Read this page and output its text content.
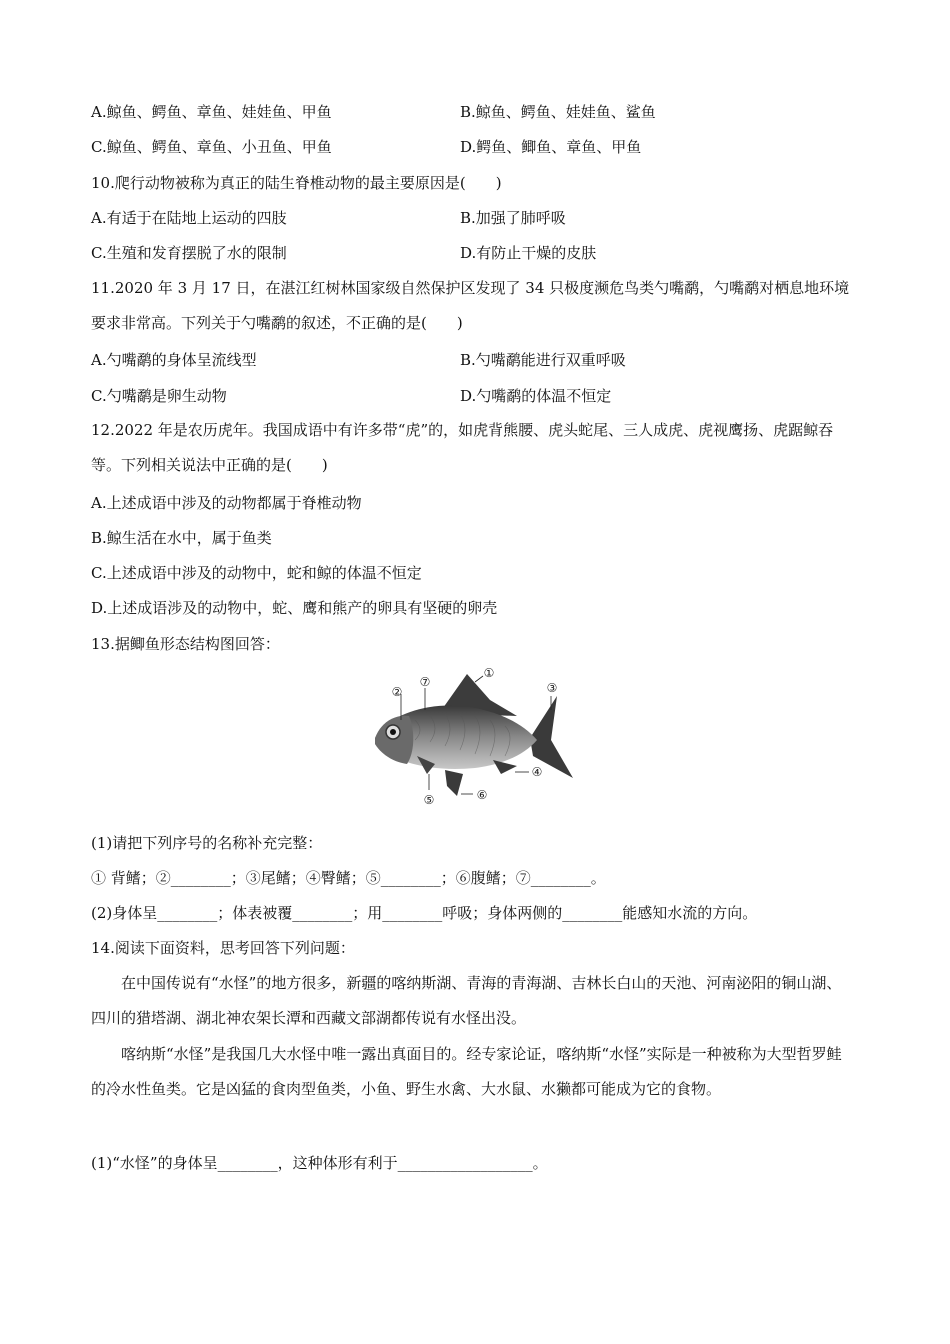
A.鲸鱼、鳄鱼、章鱼、娃娃鱼、甲鱼	B.鲸鱼、鳄鱼、娃娃鱼、鲨鱼
C.鲸鱼、鳄鱼、章鱼、小丑鱼、甲鱼	D.鳄鱼、鲫鱼、章鱼、甲鱼
10.爬行动物被称为真正的陆生脊椎动物的最主要原因是(　　)
A.有适于在陆地上运动的四肢	B.加强了肺呼吸
C.生殖和发育摆脱了水的限制	D.有防止干燥的皮肤
11.2020 年 3 月 17 日，在湛江红树林国家级自然保护区发现了 34 只极度濒危鸟类勺嘴鹬，勺嘴鹬对栖息地环境要求非常高。下列关于勺嘴鹬的叙述，不正确的是(　　)
A.勺嘴鹬的身体呈流线型	B.勺嘴鹬能进行双重呼吸
C.勺嘴鹬是卵生动物	D.勺嘴鹬的体温不恒定
12.2022 年是农历虎年。我国成语中有许多带“虎”的，如虎背熊腰、虎头蛇尾、三人成虎、虎视鹰扬、虎踞鲸吞等。下列相关说法中正确的是(　　)
A.上述成语中涉及的动物都属于脊椎动物
B.鲸生活在水中，属于鱼类
C.上述成语中涉及的动物中，蛇和鲸的体温不恒定
D.上述成语涉及的动物中，蛇、鹰和熊产的卵具有坚硬的卵壳
13.据鲫鱼形态结构图回答：
①
②	③
④
⑤	⑥
⑦
(1)请把下列序号的名称补充完整：
① 背鳍；②________；③尾鳍；④臀鳍；⑤________；⑥腹鳍；⑦________。
(2)身体呈________；体表被覆________；用________呼吸；身体两侧的________能感知水流的方向。
14.阅读下面资料，思考回答下列问题：
在中国传说有“水怪”的地方很多，新疆的喀纳斯湖、青海的青海湖、吉林长白山的天池、河南泌阳的铜山湖、四川的猎塔湖、湖北神农架长潭和西藏文部湖都传说有水怪出没。
喀纳斯“水怪”是我国几大水怪中唯一露出真面目的。经专家论证，喀纳斯“水怪”实际是一种被称为大型哲罗鲑的冷水性鱼类。它是凶猛的食肉型鱼类，小鱼、野生水禽、大水鼠、水獭都可能成为它的食物。
(1)“水怪”的身体呈________，这种体形有利于__________________。
